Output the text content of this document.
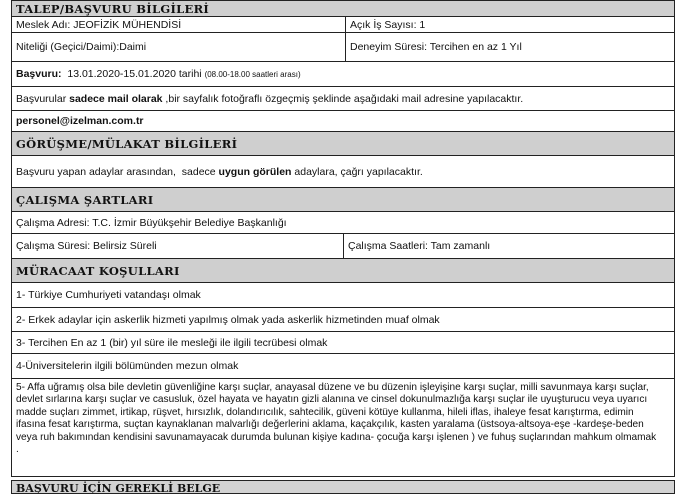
TALEP/BAŞVURU BİLGİLERİ
Meslek Adı: JEOFİZİK MÜHENDİSİ	Açık İş Sayısı: 1
Niteliği (Geçici/Daimi):Daimi	Deneyim Süresi: Tercihen en az 1 Yıl
Başvuru:
13.01.2020-15.01.2020 tarihi
(08.00-18.00 saatleri arası)
Başvurular sadece mail olarak ,bir sayfalık fotoğraflı özgeçmiş şeklinde aşağıdaki mail adresine yapılacaktır.
personel@izelman.com.tr
GÖRÜŞME/MÜLAKAT BİLGİLERİ
Başvuru yapan adaylar arasından,  sadece uygun görülen adaylara, çağrı yapılacaktır.
ÇALIŞMA ŞARTLARI
Çalışma Adresi: T.C. İzmir Büyükşehir Belediye Başkanlığı
Çalışma Süresi: Belirsiz Süreli	Çalışma Saatleri: Tam zamanlı
MÜRACAAT KOŞULLARI
1- Türkiye Cumhuriyeti vatandaşı olmak
2- Erkek adaylar için askerlik hizmeti yapılmış olmak yada askerlik hizmetinden muaf olmak
3- Tercihen En az 1 (bir) yıl süre ile mesleği ile ilgili tecrübesi olmak
4-Üniversitelerin ilgili bölümünden mezun olmak
5- Affa uğramış olsa bile devletin güvenliğine karşı suçlar, anayasal düzene ve bu düzenin işleyişine karşı suçlar, milli savunmaya karşı suçlar,
devlet sırlarına karşı suçlar ve casusluk, özel hayata ve hayatın gizli alanına ve cinsel dokunulmazlığa karşı suçlar ile uyuşturucu veya uyarıcı
madde suçları zimmet, irtikap, rüşvet, hırsızlık, dolandırıcılık, sahtecilik, güveni kötüye kullanma, hileli iflas, ihaleye fesat karıştırma, edimin
ifasına fesat karıştırma, suçtan kaynaklanan malvarlığı değerlerini aklama, kaçakçılık, kasten yaralama (üstsoya-altsoya-eşe -kardeşe-beden
veya ruh bakımından kendisini savunamayacak durumda bulunan kişiye kadına- çocuğa karşı işlenen ) ve fuhuş suçlarından mahkum olmamak
.
BAŞVURU İÇİN GEREKLİ BELGE
